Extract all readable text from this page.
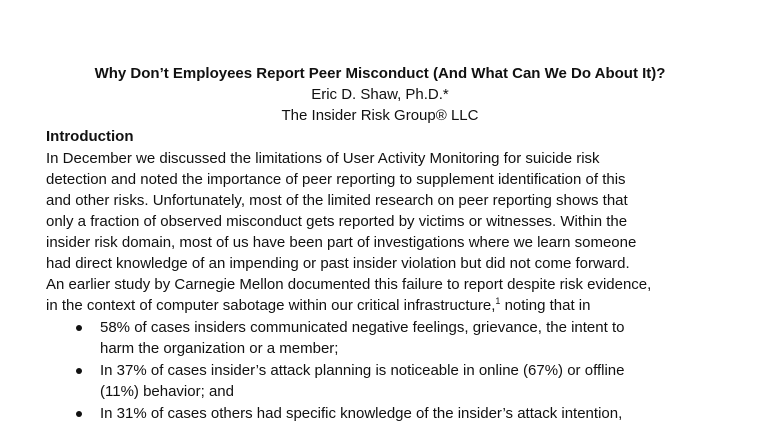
Why Don’t Employees Report Peer Misconduct (And What Can We Do About It)?
Eric D. Shaw, Ph.D.*
The Insider Risk Group® LLC
Introduction
In December we discussed the limitations of User Activity Monitoring for suicide risk
detection and noted the importance of peer reporting to supplement identification of this
and other risks. Unfortunately, most of the limited research on peer reporting shows that
only a fraction of observed misconduct gets reported by victims or witnesses. Within the
insider risk domain, most of us have been part of investigations where we learn someone
had direct knowledge of an impending or past insider violation but did not come forward.
An earlier study by Carnegie Mellon documented this failure to report despite risk evidence,
in the context of computer sabotage within our critical infrastructure,$^1$ noting that in
58% of cases insiders communicated negative feelings, grievance, the intent to
harm the organization or a member;
In 37% of cases insider’s attack planning is noticeable in online (67%) or offline
(11%) behavior; and
In 31% of cases others had specific knowledge of the insider’s attack intention,
